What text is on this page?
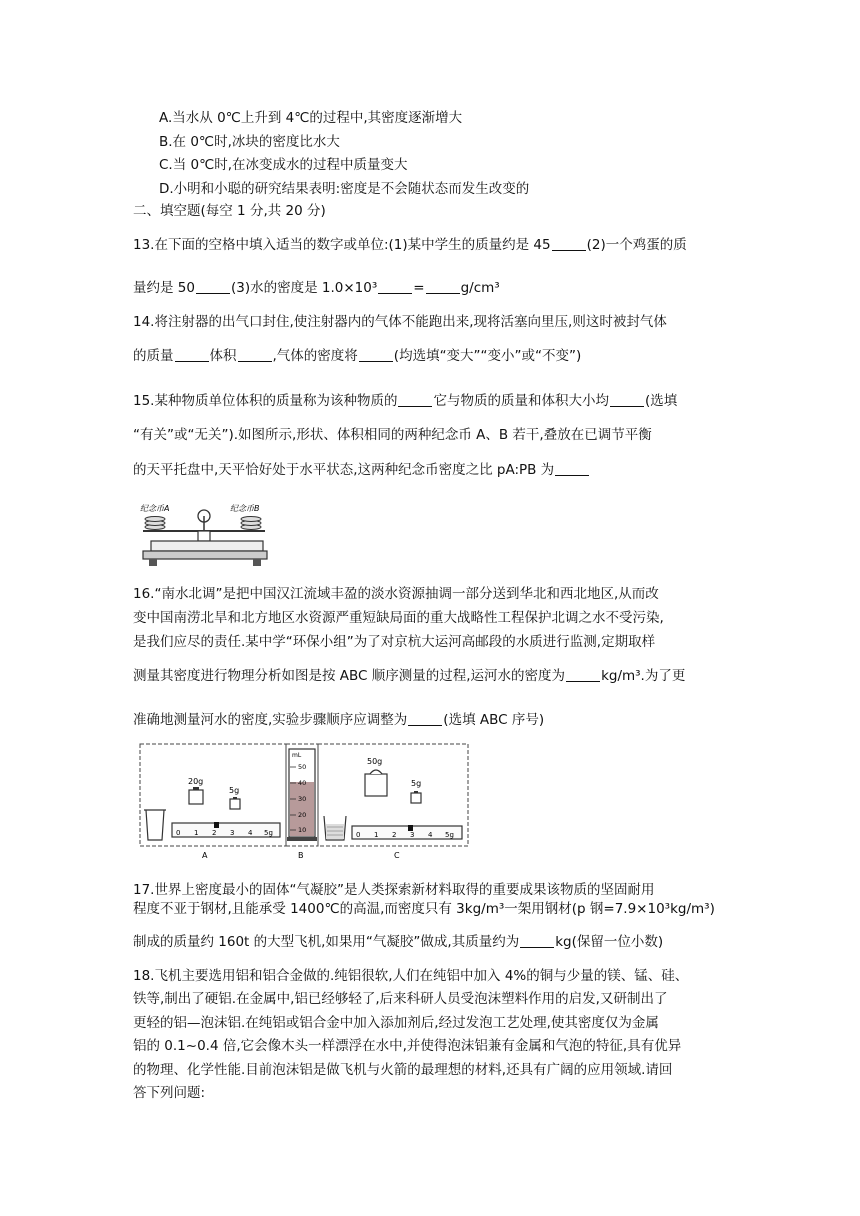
A.当水从 0℃上升到 4℃的过程中,其密度逐渐增大
B.在 0℃时,冰块的密度比水大
C.当 0℃时,在冰变成水的过程中质量变大
D.小明和小聪的研究结果表明:密度是不会随状态而发生改变的
二、填空题(每空 1 分,共 20 分)
13.在下面的空格中填入适当的数字或单位:(1)某中学生的质量约是 45	(2)一个鸡蛋的质
量约是 50	(3)水的密度是 1.0×10³	=	g/cm³
14.将注射器的出气口封住,使注射器内的气体不能跑出来,现将活塞向里压,则这时被封气体
的质量	体积	,气体的密度将	(均选填“变大”“变小”或“不变”)
15.某种物质单位体积的质量称为该种物质的	它与物质的质量和体积大小均	(选填
“有关”或“无关”).如图所示,形状、体积相同的两种纪念币 A、B 若干,叠放在已调节平衡
的天平托盘中,天平恰好处于水平状态,这两种纪念币密度之比 pA:PB 为
纪念币A	纪念币B
16.“南水北调”是把中国汉江流域丰盈的淡水资源抽调一部分送到华北和西北地区,从而改
变中国南涝北旱和北方地区水资源严重短缺局面的重大战略性工程保护北调之水不受污染,
是我们应尽的责任.某中学“环保小组”为了对京杭大运河高邮段的水质进行监测,定期取样
测量其密度进行物理分析如图是按 ABC 顺序测量的过程,运河水的密度为	kg/m³.为了更
准确地测量河水的密度,实验步骤顺序应调整为	(选填 ABC 序号)
20g
5g
0 1 2 3 4 5g
A
mL
50
40
30
20
10
B
50g
5g
0 1 2 3 4 5g
C
17.世界上密度最小的固体“气凝胶”是人类探索新材料取得的重要成果该物质的坚固耐用
程度不亚于钢材,且能承受 1400℃的高温,而密度只有 3kg/m³一架用钢材(p 钢=7.9×10³kg/m³)
制成的质量约 160t 的大型飞机,如果用“气凝胶”做成,其质量约为	kg(保留一位小数)
18.飞机主要选用铝和铝合金做的.纯铝很软,人们在纯铝中加入 4%的铜与少量的镁、锰、硅、
铁等,制出了硬铝.在金属中,铝已经够轻了,后来科研人员受泡沫塑料作用的启发,又研制出了
更轻的铝—泡沫铝.在纯铝或铝合金中加入添加剂后,经过发泡工艺处理,使其密度仅为金属
铝的 0.1~0.4 倍,它会像木头一样漂浮在水中,并使得泡沫铝兼有金属和气泡的特征,具有优异
的物理、化学性能.目前泡沫铝是做飞机与火箭的最理想的材料,还具有广阔的应用领域.请回
答下列问题:
